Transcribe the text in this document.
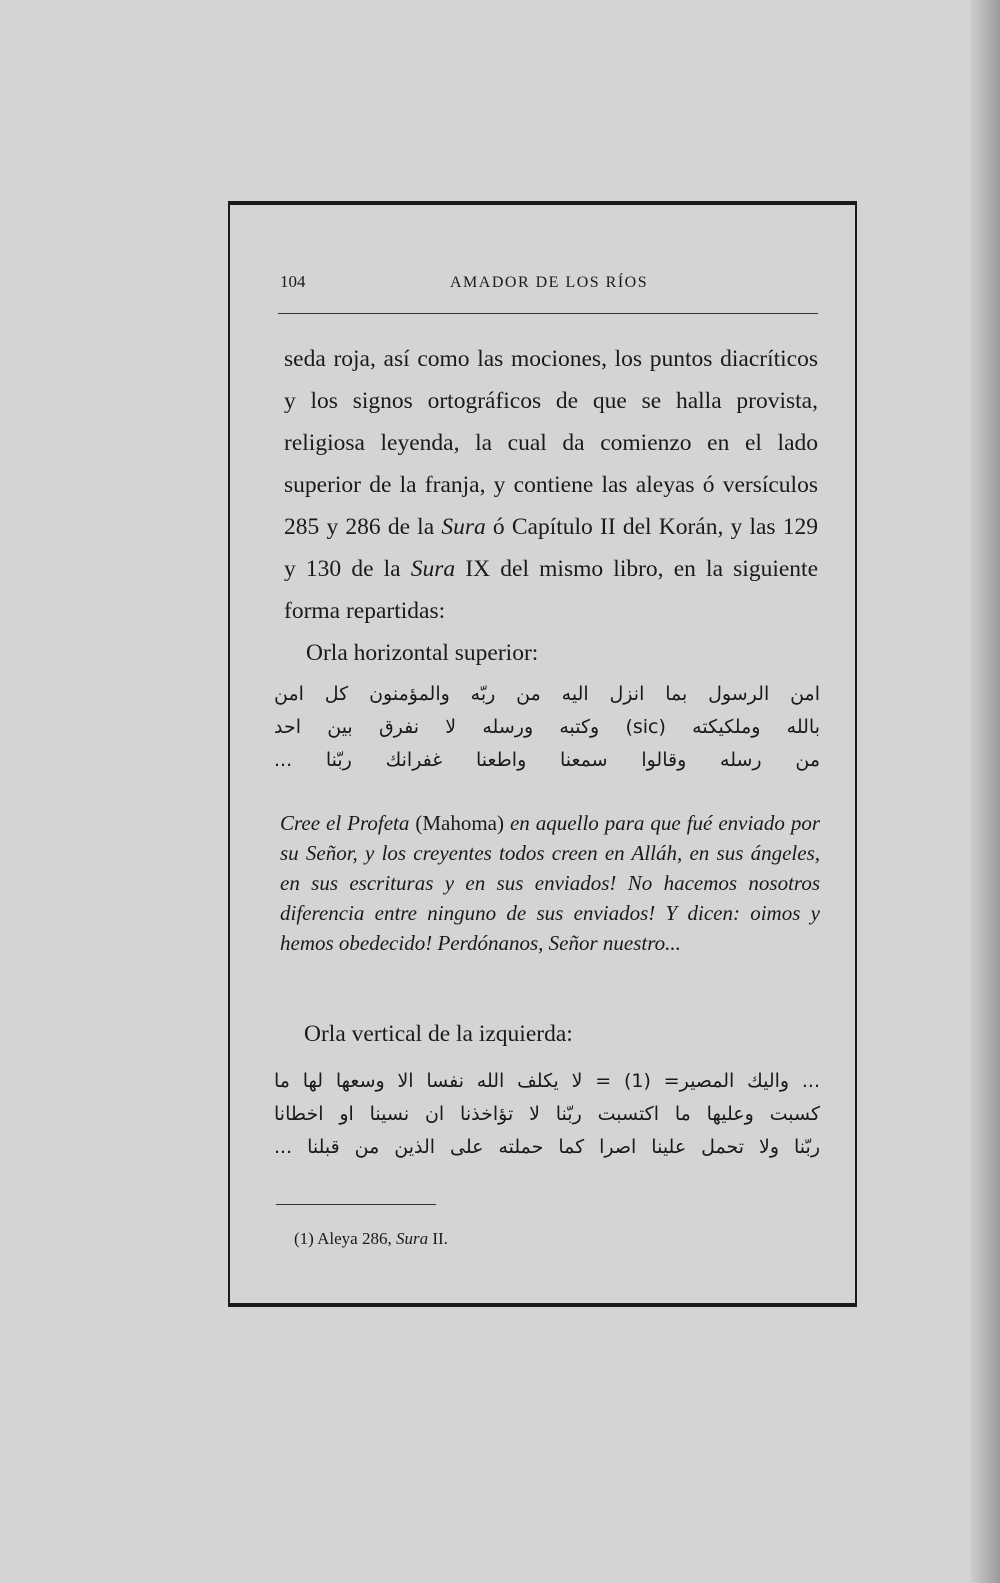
104	AMADOR DE LOS RÍOS

seda roja, así como las mociones, los puntos diacríticos y los signos ortográficos de que se halla provista, religiosa leyenda, la cual da comienzo en el lado superior de la franja, y contiene las aleyas ó versículos 285 y 286 de la Sura ó Capítulo II del Korán, y las 129 y 130 de la Sura IX del mismo libro, en la siguiente forma repartidas:

Orla horizontal superior:

امن الرسول بما انزل اليه من ربّه والمؤمنون كل امن
بالله وملكيكته (sic) وكتبه ورسله لا نفرق بين احد
من رسله وقالوا سمعنا واطعنا غفرانك ربّنا ...
Cree el Profeta (Mahoma) en aquello para que fué enviado por su Señor, y los creyentes todos creen en Alláh, en sus ángeles, en sus escrituras y en sus enviados! No hacemos nosotros diferencia entre ninguno de sus enviados! Y dicen: oimos y hemos obedecido! Perdónanos, Señor nuestro...
Orla vertical de la izquierda:
... واليك المصير= (1) = لا يكلف الله نفسا الا وسعها لها ما
كسبت وعليها ما اكتسبت ربّنا لا تؤاخذنا ان نسينا او اخطانا
ربّنا ولا تحمل علينا اصرا كما حملته على الذين من قبلنا ...
(1) Aleya 286, Sura II.
